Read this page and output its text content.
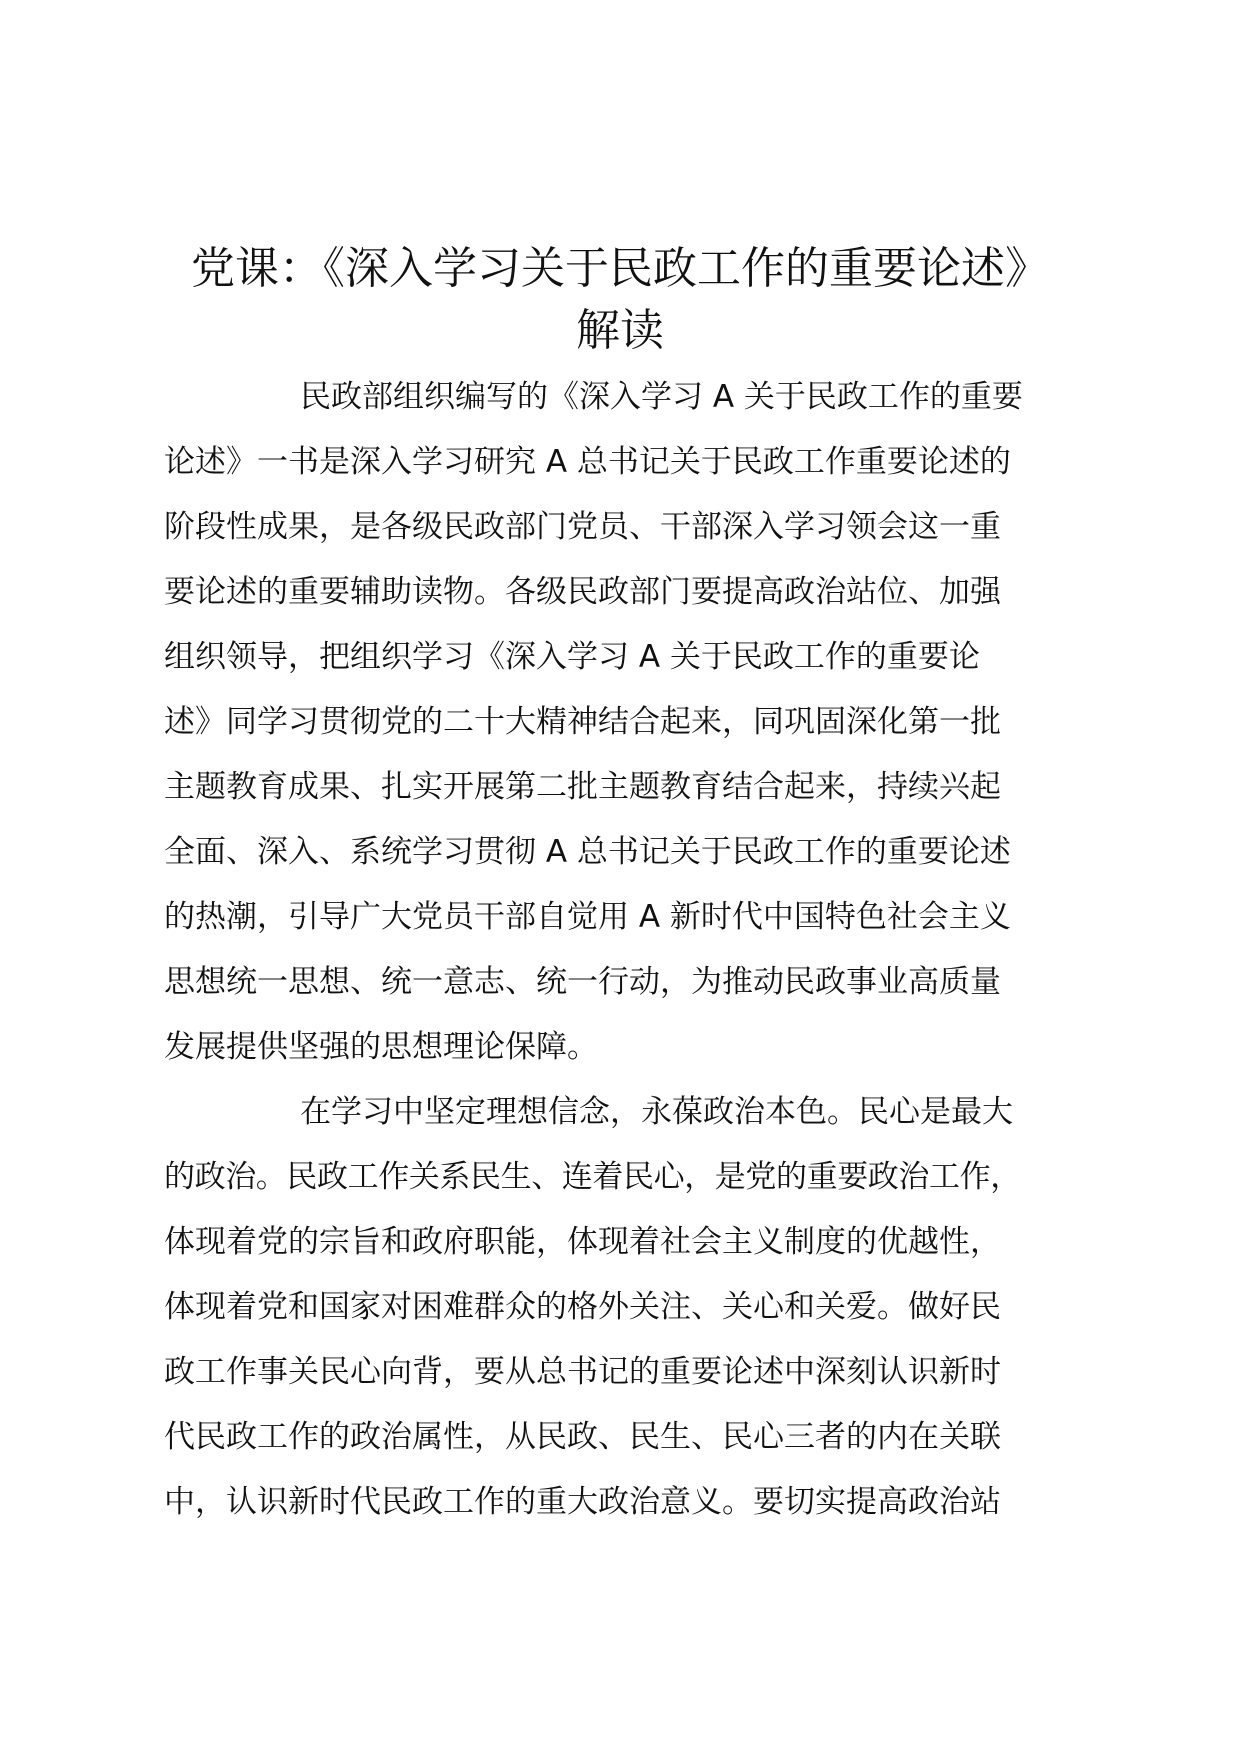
党课：《深入学习关于民政工作的重要论述》
解读
民政部组织编写的《深入学习 A 关于民政工作的重要
论述》一书是深入学习研究 A 总书记关于民政工作重要论述的
阶段性成果，是各级民政部门党员、干部深入学习领会这一重
要论述的重要辅助读物。各级民政部门要提高政治站位、加强
组织领导，把组织学习《深入学习 A 关于民政工作的重要论
述》同学习贯彻党的二十大精神结合起来，同巩固深化第一批
主题教育成果、扎实开展第二批主题教育结合起来，持续兴起
全面、深入、系统学习贯彻 A 总书记关于民政工作的重要论述
的热潮，引导广大党员干部自觉用 A 新时代中国特色社会主义
思想统一思想、统一意志、统一行动，为推动民政事业高质量
发展提供坚强的思想理论保障。
在学习中坚定理想信念，永葆政治本色。民心是最大
的政治。民政工作关系民生、连着民心，是党的重要政治工作，
体现着党的宗旨和政府职能，体现着社会主义制度的优越性，
体现着党和国家对困难群众的格外关注、关心和关爱。做好民
政工作事关民心向背，要从总书记的重要论述中深刻认识新时
代民政工作的政治属性，从民政、民生、民心三者的内在关联
中，认识新时代民政工作的重大政治意义。要切实提高政治站
